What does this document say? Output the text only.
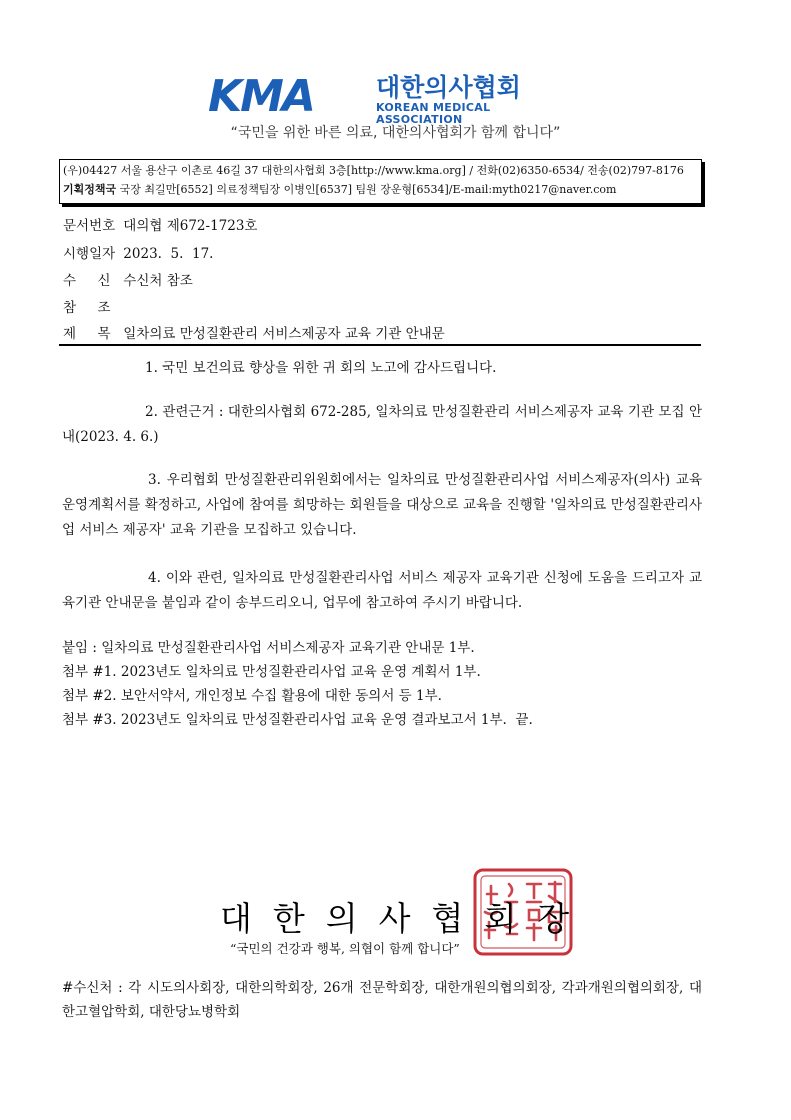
KMA 대한의사협회
KOREAN MEDICAL ASSOCIATION
“국민을 위한 바른 의료, 대한의사협회가 함께 합니다”
(우)04427 서울 용산구 이촌로 46길 37 대한의사협회 3층[http://www.kma.org] / 전화(02)6350-6534/ 전송(02)797-8176
기획정책국 국장 최길만[6552] 의료정책팀장 이병인[6537] 팀원 장운형[6534]/E-mail:myth0217@naver.com
문서번호 대의협 제672-1723호
시행일자 2023.  5.  17.
수     신 수신처 참조
참     조
제     목 일차의료 만성질환관리 서비스제공자 교육 기관 안내문
1. 국민 보건의료 향상을 위한 귀 회의 노고에 감사드립니다.
2. 관련근거 : 대한의사협회 672-285, 일차의료 만성질환관리 서비스제공자 교육 기관 모집 안내(2023. 4. 6.)
3. 우리협회 만성질환관리위원회에서는 일차의료 만성질환관리사업 서비스제공자(의사) 교육운영계획서를 확정하고, 사업에 참여를 희망하는 회원들을 대상으로 교육을 진행할 '일차의료 만성질환관리사업 서비스 제공자' 교육 기관을 모집하고 있습니다.
4. 이와 관련, 일차의료 만성질환관리사업 서비스 제공자 교육기관 신청에 도움을 드리고자 교육기관 안내문을 붙임과 같이 송부드리오니, 업무에 참고하여 주시기 바랍니다.
붙임 : 일차의료 만성질환관리사업 서비스제공자 교육기관 안내문 1부.
첨부 #1. 2023년도 일차의료 만성질환관리사업 교육 운영 계획서 1부.
첨부 #2. 보안서약서, 개인정보 수집 활용에 대한 동의서 등 1부.
첨부 #3. 2023년도 일차의료 만성질환관리사업 교육 운영 결과보고서 1부.  끝.
대한의사협회장
“국민의 건강과 행복, 의협이 함께 합니다”
#수신처 : 각 시도의사회장, 대한의학회장, 26개 전문학회장, 대한개원의협의회장, 각과개원의협의회장, 대한고혈압학회, 대한당뇨병학회
